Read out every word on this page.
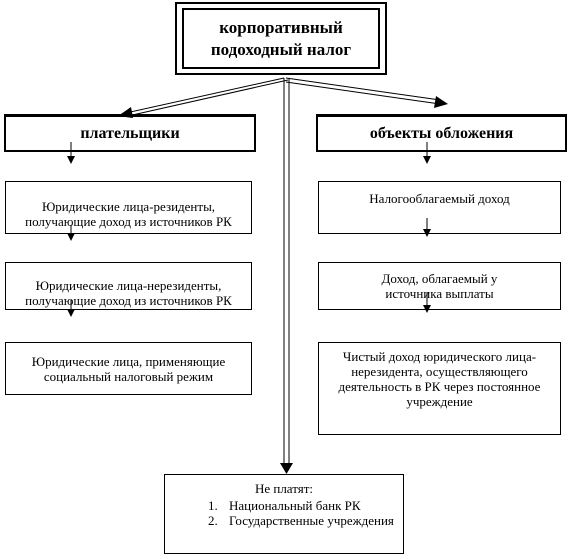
корпоративный
подоходный налог
плательщики	объекты обложения
Юридические лица-резиденты, получающие доход из источников РК
Юридические лица-нерезиденты, получающие доход из источников РК
Юридические лица, применяющие социальный налоговый режим
Налогооблагаемый доход
Доход, облагаемый у источника выплаты
Чистый доход юридического лица-нерезидента, осуществляющего деятельность в РК через постоянное учреждение
Не платят:
1. Национальный банк РК
2. Государственные учреждения
